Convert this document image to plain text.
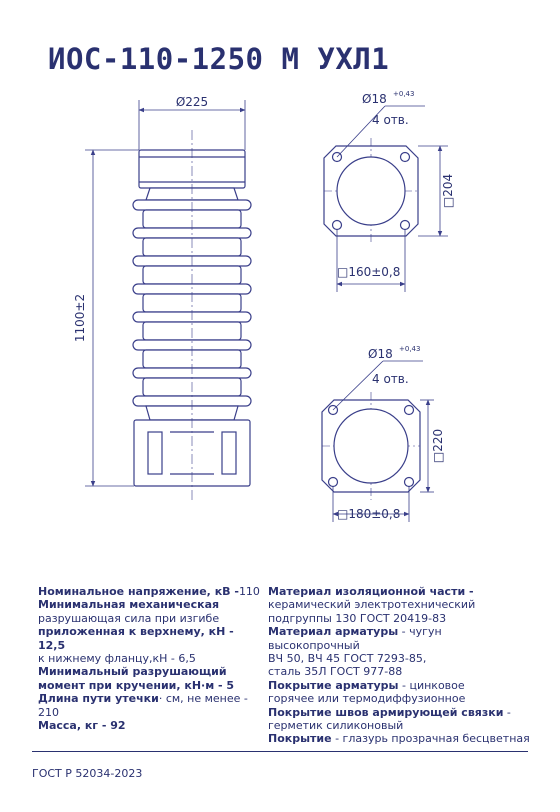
ИОС-110-1250 М УХЛ1
Ø225
1100±2
Ø18 +0,43
4 отв.
□204
□160±0,8
Ø18 +0,43
4 отв.
□220
□180±0,8

Номинальное напряжение, кВ -110

Минимальная механическая

разрушающая сила при изгибе

приложенная к верхнему, кН - 12,5

к нижнему фланцу,кН - 6,5

Минимальный разрушающий

момент при кручении, кН·м - 5

Длина пути утечки· см, не менее - 210

Масса, кг - 92

Материал изоляционной части -

керамический электротехнический

подгруппы 130 ГОСТ 20419-83

Материал арматуры - чугун высокопрочный

ВЧ 50, ВЧ 45 ГОСТ 7293-85,

сталь 35Л ГОСТ 977-88

Покрытие арматуры - цинковое

горячее или термодиффузионное

Покрытие швов армирующей связки -

герметик силиконовый

Покрытие - глазурь прозрачная бесцветная

ГОСТ Р 52034-2023
